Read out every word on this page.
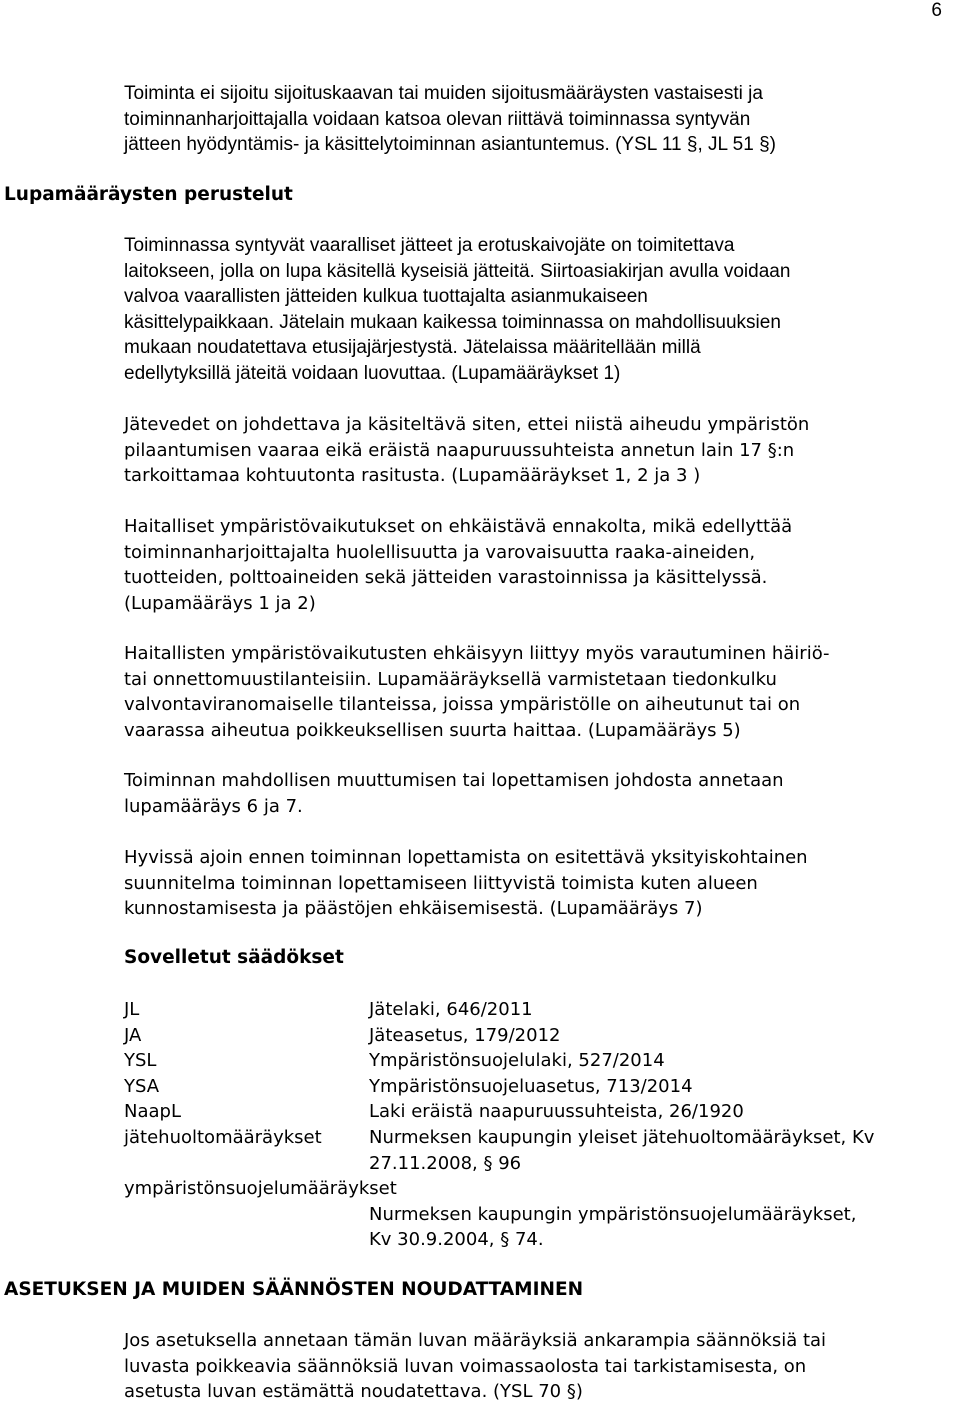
6
Toiminta ei sijoitu sijoituskaavan tai muiden sijoitusmääräysten vastaisesti ja
toiminnanharjoittajalla voidaan katsoa olevan riittävä toiminnassa syntyvän
jätteen hyödyntämis- ja käsittelytoiminnan asiantuntemus. (YSL 11 §, JL 51 §)
Lupamääräysten perustelut
Toiminnassa syntyvät vaaralliset jätteet ja erotuskaivojäte on toimitettava
laitokseen, jolla on lupa käsitellä kyseisiä jätteitä. Siirtoasiakirjan avulla voidaan
valvoa vaarallisten jätteiden kulkua tuottajalta asianmukaiseen
käsittelypaikkaan. Jätelain mukaan kaikessa toiminnassa on mahdollisuuksien
mukaan noudatettava etusijajärjestystä. Jätelaissa määritellään millä
edellytyksillä jäteitä voidaan luovuttaa. (Lupamääräykset 1)
Jätevedet on johdettava ja käsiteltävä siten, ettei niistä aiheudu ympäristön
pilaantumisen vaaraa eikä eräistä naapuruussuhteista annetun lain 17 §:n
tarkoittamaa kohtuutonta rasitusta. (Lupamääräykset 1, 2 ja 3 )
Haitalliset ympäristövaikutukset on ehkäistävä ennakolta, mikä edellyttää
toiminnanharjoittajalta huolellisuutta ja varovaisuutta raaka-aineiden,
tuotteiden, polttoaineiden sekä jätteiden varastoinnissa ja käsittelyssä.
(Lupamääräys 1 ja 2)
Haitallisten ympäristövaikutusten ehkäisyyn liittyy myös varautuminen häiriö-
tai onnettomuustilanteisiin. Lupamääräyksellä varmistetaan tiedonkulku
valvontaviranomaiselle tilanteissa, joissa ympäristölle on aiheutunut tai on
vaarassa aiheutua poikkeuksellisen suurta haittaa. (Lupamääräys 5)
Toiminnan mahdollisen muuttumisen tai lopettamisen johdosta annetaan
lupamääräys 6 ja 7.
Hyvissä ajoin ennen toiminnan lopettamista on esitettävä yksityiskohtainen
suunnitelma toiminnan lopettamiseen liittyvistä toimista kuten alueen
kunnostamisesta ja päästöjen ehkäisemisestä. (Lupamääräys 7)
Sovelletut säädökset
JL	Jätelaki, 646/2011
JA	Jäteasetus, 179/2012
YSL	Ympäristönsuojelulaki, 527/2014
YSA	Ympäristönsuojeluasetus, 713/2014
NaapL	Laki eräistä naapuruussuhteista, 26/1920
jätehuoltomääräykset	Nurmeksen kaupungin yleiset jätehuoltomääräykset, Kv
27.11.2008, § 96

ympäristönsuojelumääräykset	

	Nurmeksen kaupungin ympäristönsuojelumääräykset,
Kv 30.9.2004, § 74.
ASETUKSEN JA MUIDEN SÄÄNNÖSTEN NOUDATTAMINEN
Jos asetuksella annetaan tämän luvan määräyksiä ankarampia säännöksiä tai
luvasta poikkeavia säännöksiä luvan voimassaolosta tai tarkistamisesta, on
asetusta luvan estämättä noudatettava. (YSL 70 §)
